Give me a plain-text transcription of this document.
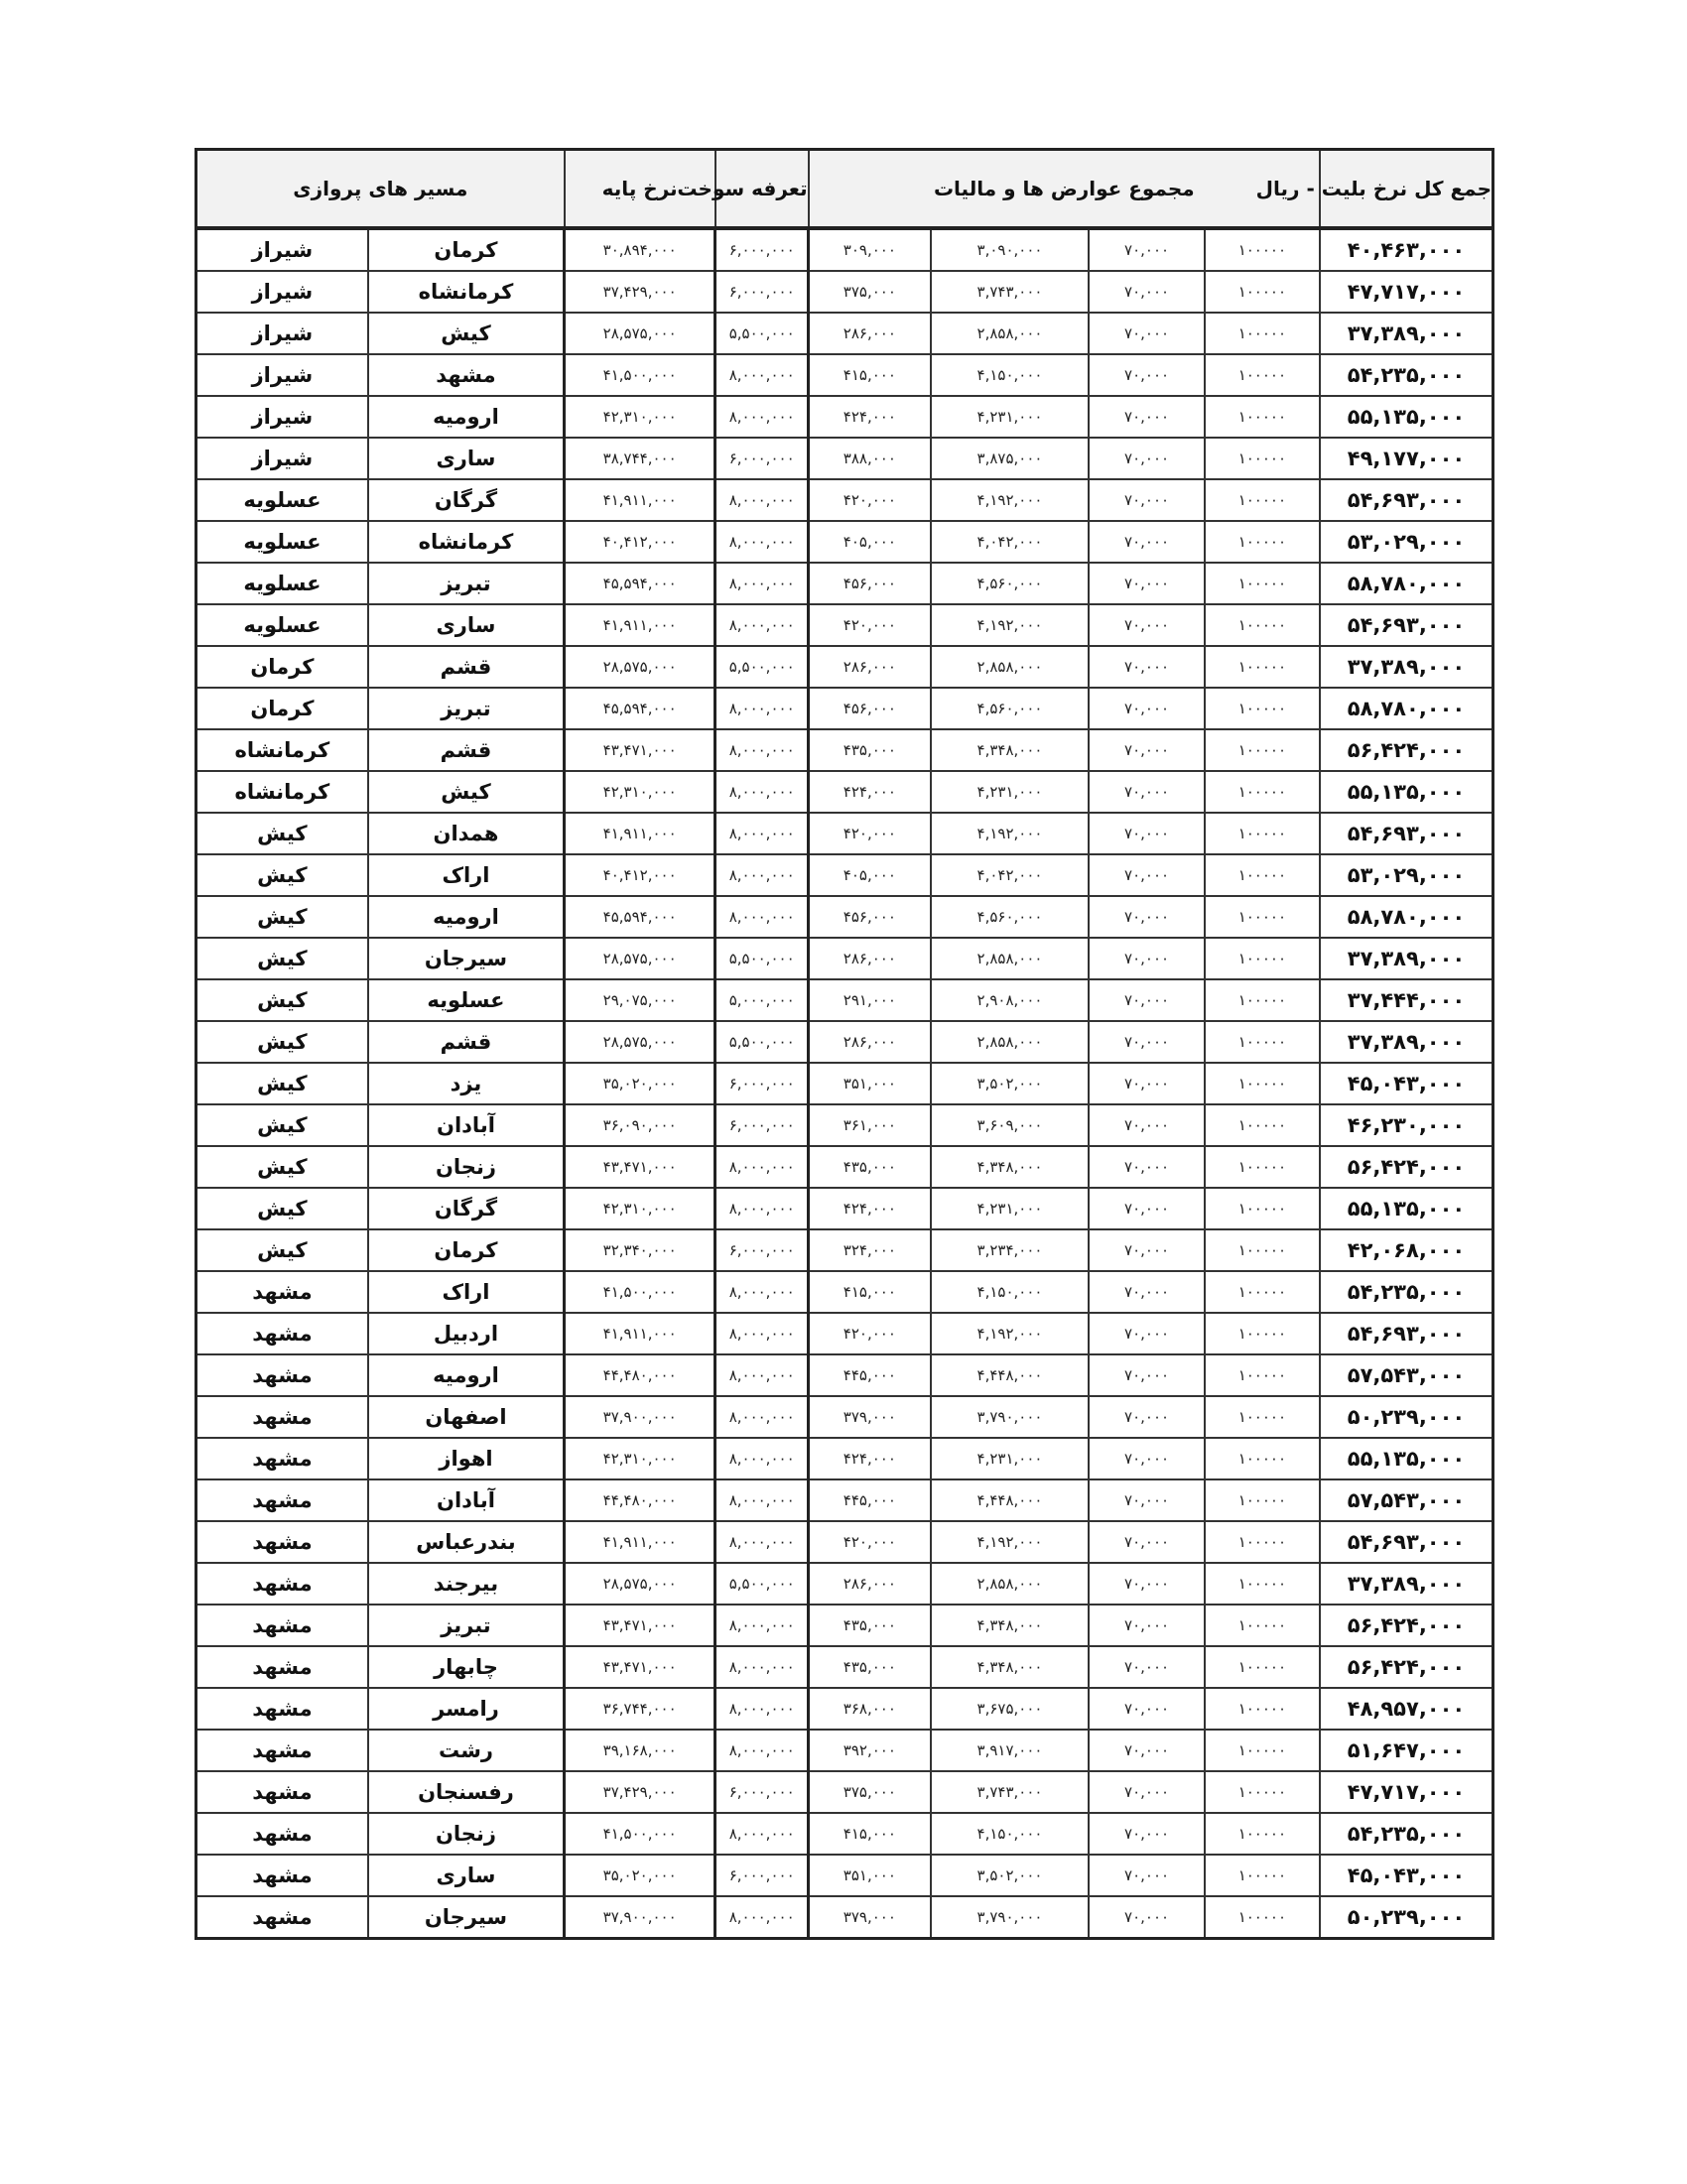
مسیر های پروازی		نرخ پایه	تعرفه سوخت	مجموع عوارض ها و مالیات				جمع کل نرخ بلیت - ریال
شیراز	کرمان	۳۰,۸۹۴,۰۰۰	۶,۰۰۰,۰۰۰	۳۰۹,۰۰۰	۳,۰۹۰,۰۰۰	۷۰,۰۰۰	۱۰۰۰۰۰	۴۰,۴۶۳,۰۰۰
شیراز	کرمانشاه	۳۷,۴۲۹,۰۰۰	۶,۰۰۰,۰۰۰	۳۷۵,۰۰۰	۳,۷۴۳,۰۰۰	۷۰,۰۰۰	۱۰۰۰۰۰	۴۷,۷۱۷,۰۰۰
شیراز	کیش	۲۸,۵۷۵,۰۰۰	۵,۵۰۰,۰۰۰	۲۸۶,۰۰۰	۲,۸۵۸,۰۰۰	۷۰,۰۰۰	۱۰۰۰۰۰	۳۷,۳۸۹,۰۰۰
شیراز	مشهد	۴۱,۵۰۰,۰۰۰	۸,۰۰۰,۰۰۰	۴۱۵,۰۰۰	۴,۱۵۰,۰۰۰	۷۰,۰۰۰	۱۰۰۰۰۰	۵۴,۲۳۵,۰۰۰
شیراز	ارومیه	۴۲,۳۱۰,۰۰۰	۸,۰۰۰,۰۰۰	۴۲۴,۰۰۰	۴,۲۳۱,۰۰۰	۷۰,۰۰۰	۱۰۰۰۰۰	۵۵,۱۳۵,۰۰۰
شیراز	ساری	۳۸,۷۴۴,۰۰۰	۶,۰۰۰,۰۰۰	۳۸۸,۰۰۰	۳,۸۷۵,۰۰۰	۷۰,۰۰۰	۱۰۰۰۰۰	۴۹,۱۷۷,۰۰۰
عسلویه	گرگان	۴۱,۹۱۱,۰۰۰	۸,۰۰۰,۰۰۰	۴۲۰,۰۰۰	۴,۱۹۲,۰۰۰	۷۰,۰۰۰	۱۰۰۰۰۰	۵۴,۶۹۳,۰۰۰
عسلویه	کرمانشاه	۴۰,۴۱۲,۰۰۰	۸,۰۰۰,۰۰۰	۴۰۵,۰۰۰	۴,۰۴۲,۰۰۰	۷۰,۰۰۰	۱۰۰۰۰۰	۵۳,۰۲۹,۰۰۰
عسلویه	تبریز	۴۵,۵۹۴,۰۰۰	۸,۰۰۰,۰۰۰	۴۵۶,۰۰۰	۴,۵۶۰,۰۰۰	۷۰,۰۰۰	۱۰۰۰۰۰	۵۸,۷۸۰,۰۰۰
عسلویه	ساری	۴۱,۹۱۱,۰۰۰	۸,۰۰۰,۰۰۰	۴۲۰,۰۰۰	۴,۱۹۲,۰۰۰	۷۰,۰۰۰	۱۰۰۰۰۰	۵۴,۶۹۳,۰۰۰
کرمان	قشم	۲۸,۵۷۵,۰۰۰	۵,۵۰۰,۰۰۰	۲۸۶,۰۰۰	۲,۸۵۸,۰۰۰	۷۰,۰۰۰	۱۰۰۰۰۰	۳۷,۳۸۹,۰۰۰
کرمان	تبریز	۴۵,۵۹۴,۰۰۰	۸,۰۰۰,۰۰۰	۴۵۶,۰۰۰	۴,۵۶۰,۰۰۰	۷۰,۰۰۰	۱۰۰۰۰۰	۵۸,۷۸۰,۰۰۰
کرمانشاه	قشم	۴۳,۴۷۱,۰۰۰	۸,۰۰۰,۰۰۰	۴۳۵,۰۰۰	۴,۳۴۸,۰۰۰	۷۰,۰۰۰	۱۰۰۰۰۰	۵۶,۴۲۴,۰۰۰
کرمانشاه	کیش	۴۲,۳۱۰,۰۰۰	۸,۰۰۰,۰۰۰	۴۲۴,۰۰۰	۴,۲۳۱,۰۰۰	۷۰,۰۰۰	۱۰۰۰۰۰	۵۵,۱۳۵,۰۰۰
کیش	همدان	۴۱,۹۱۱,۰۰۰	۸,۰۰۰,۰۰۰	۴۲۰,۰۰۰	۴,۱۹۲,۰۰۰	۷۰,۰۰۰	۱۰۰۰۰۰	۵۴,۶۹۳,۰۰۰
کیش	اراک	۴۰,۴۱۲,۰۰۰	۸,۰۰۰,۰۰۰	۴۰۵,۰۰۰	۴,۰۴۲,۰۰۰	۷۰,۰۰۰	۱۰۰۰۰۰	۵۳,۰۲۹,۰۰۰
کیش	ارومیه	۴۵,۵۹۴,۰۰۰	۸,۰۰۰,۰۰۰	۴۵۶,۰۰۰	۴,۵۶۰,۰۰۰	۷۰,۰۰۰	۱۰۰۰۰۰	۵۸,۷۸۰,۰۰۰
کیش	سیرجان	۲۸,۵۷۵,۰۰۰	۵,۵۰۰,۰۰۰	۲۸۶,۰۰۰	۲,۸۵۸,۰۰۰	۷۰,۰۰۰	۱۰۰۰۰۰	۳۷,۳۸۹,۰۰۰
کیش	عسلویه	۲۹,۰۷۵,۰۰۰	۵,۰۰۰,۰۰۰	۲۹۱,۰۰۰	۲,۹۰۸,۰۰۰	۷۰,۰۰۰	۱۰۰۰۰۰	۳۷,۴۴۴,۰۰۰
کیش	قشم	۲۸,۵۷۵,۰۰۰	۵,۵۰۰,۰۰۰	۲۸۶,۰۰۰	۲,۸۵۸,۰۰۰	۷۰,۰۰۰	۱۰۰۰۰۰	۳۷,۳۸۹,۰۰۰
کیش	یزد	۳۵,۰۲۰,۰۰۰	۶,۰۰۰,۰۰۰	۳۵۱,۰۰۰	۳,۵۰۲,۰۰۰	۷۰,۰۰۰	۱۰۰۰۰۰	۴۵,۰۴۳,۰۰۰
کیش	آبادان	۳۶,۰۹۰,۰۰۰	۶,۰۰۰,۰۰۰	۳۶۱,۰۰۰	۳,۶۰۹,۰۰۰	۷۰,۰۰۰	۱۰۰۰۰۰	۴۶,۲۳۰,۰۰۰
کیش	زنجان	۴۳,۴۷۱,۰۰۰	۸,۰۰۰,۰۰۰	۴۳۵,۰۰۰	۴,۳۴۸,۰۰۰	۷۰,۰۰۰	۱۰۰۰۰۰	۵۶,۴۲۴,۰۰۰
کیش	گرگان	۴۲,۳۱۰,۰۰۰	۸,۰۰۰,۰۰۰	۴۲۴,۰۰۰	۴,۲۳۱,۰۰۰	۷۰,۰۰۰	۱۰۰۰۰۰	۵۵,۱۳۵,۰۰۰
کیش	کرمان	۳۲,۳۴۰,۰۰۰	۶,۰۰۰,۰۰۰	۳۲۴,۰۰۰	۳,۲۳۴,۰۰۰	۷۰,۰۰۰	۱۰۰۰۰۰	۴۲,۰۶۸,۰۰۰
مشهد	اراک	۴۱,۵۰۰,۰۰۰	۸,۰۰۰,۰۰۰	۴۱۵,۰۰۰	۴,۱۵۰,۰۰۰	۷۰,۰۰۰	۱۰۰۰۰۰	۵۴,۲۳۵,۰۰۰
مشهد	اردبیل	۴۱,۹۱۱,۰۰۰	۸,۰۰۰,۰۰۰	۴۲۰,۰۰۰	۴,۱۹۲,۰۰۰	۷۰,۰۰۰	۱۰۰۰۰۰	۵۴,۶۹۳,۰۰۰
مشهد	ارومیه	۴۴,۴۸۰,۰۰۰	۸,۰۰۰,۰۰۰	۴۴۵,۰۰۰	۴,۴۴۸,۰۰۰	۷۰,۰۰۰	۱۰۰۰۰۰	۵۷,۵۴۳,۰۰۰
مشهد	اصفهان	۳۷,۹۰۰,۰۰۰	۸,۰۰۰,۰۰۰	۳۷۹,۰۰۰	۳,۷۹۰,۰۰۰	۷۰,۰۰۰	۱۰۰۰۰۰	۵۰,۲۳۹,۰۰۰
مشهد	اهواز	۴۲,۳۱۰,۰۰۰	۸,۰۰۰,۰۰۰	۴۲۴,۰۰۰	۴,۲۳۱,۰۰۰	۷۰,۰۰۰	۱۰۰۰۰۰	۵۵,۱۳۵,۰۰۰
مشهد	آبادان	۴۴,۴۸۰,۰۰۰	۸,۰۰۰,۰۰۰	۴۴۵,۰۰۰	۴,۴۴۸,۰۰۰	۷۰,۰۰۰	۱۰۰۰۰۰	۵۷,۵۴۳,۰۰۰
مشهد	بندرعباس	۴۱,۹۱۱,۰۰۰	۸,۰۰۰,۰۰۰	۴۲۰,۰۰۰	۴,۱۹۲,۰۰۰	۷۰,۰۰۰	۱۰۰۰۰۰	۵۴,۶۹۳,۰۰۰
مشهد	بیرجند	۲۸,۵۷۵,۰۰۰	۵,۵۰۰,۰۰۰	۲۸۶,۰۰۰	۲,۸۵۸,۰۰۰	۷۰,۰۰۰	۱۰۰۰۰۰	۳۷,۳۸۹,۰۰۰
مشهد	تبریز	۴۳,۴۷۱,۰۰۰	۸,۰۰۰,۰۰۰	۴۳۵,۰۰۰	۴,۳۴۸,۰۰۰	۷۰,۰۰۰	۱۰۰۰۰۰	۵۶,۴۲۴,۰۰۰
مشهد	چابهار	۴۳,۴۷۱,۰۰۰	۸,۰۰۰,۰۰۰	۴۳۵,۰۰۰	۴,۳۴۸,۰۰۰	۷۰,۰۰۰	۱۰۰۰۰۰	۵۶,۴۲۴,۰۰۰
مشهد	رامسر	۳۶,۷۴۴,۰۰۰	۸,۰۰۰,۰۰۰	۳۶۸,۰۰۰	۳,۶۷۵,۰۰۰	۷۰,۰۰۰	۱۰۰۰۰۰	۴۸,۹۵۷,۰۰۰
مشهد	رشت	۳۹,۱۶۸,۰۰۰	۸,۰۰۰,۰۰۰	۳۹۲,۰۰۰	۳,۹۱۷,۰۰۰	۷۰,۰۰۰	۱۰۰۰۰۰	۵۱,۶۴۷,۰۰۰
مشهد	رفسنجان	۳۷,۴۲۹,۰۰۰	۶,۰۰۰,۰۰۰	۳۷۵,۰۰۰	۳,۷۴۳,۰۰۰	۷۰,۰۰۰	۱۰۰۰۰۰	۴۷,۷۱۷,۰۰۰
مشهد	زنجان	۴۱,۵۰۰,۰۰۰	۸,۰۰۰,۰۰۰	۴۱۵,۰۰۰	۴,۱۵۰,۰۰۰	۷۰,۰۰۰	۱۰۰۰۰۰	۵۴,۲۳۵,۰۰۰
مشهد	ساری	۳۵,۰۲۰,۰۰۰	۶,۰۰۰,۰۰۰	۳۵۱,۰۰۰	۳,۵۰۲,۰۰۰	۷۰,۰۰۰	۱۰۰۰۰۰	۴۵,۰۴۳,۰۰۰
مشهد	سیرجان	۳۷,۹۰۰,۰۰۰	۸,۰۰۰,۰۰۰	۳۷۹,۰۰۰	۳,۷۹۰,۰۰۰	۷۰,۰۰۰	۱۰۰۰۰۰	۵۰,۲۳۹,۰۰۰
